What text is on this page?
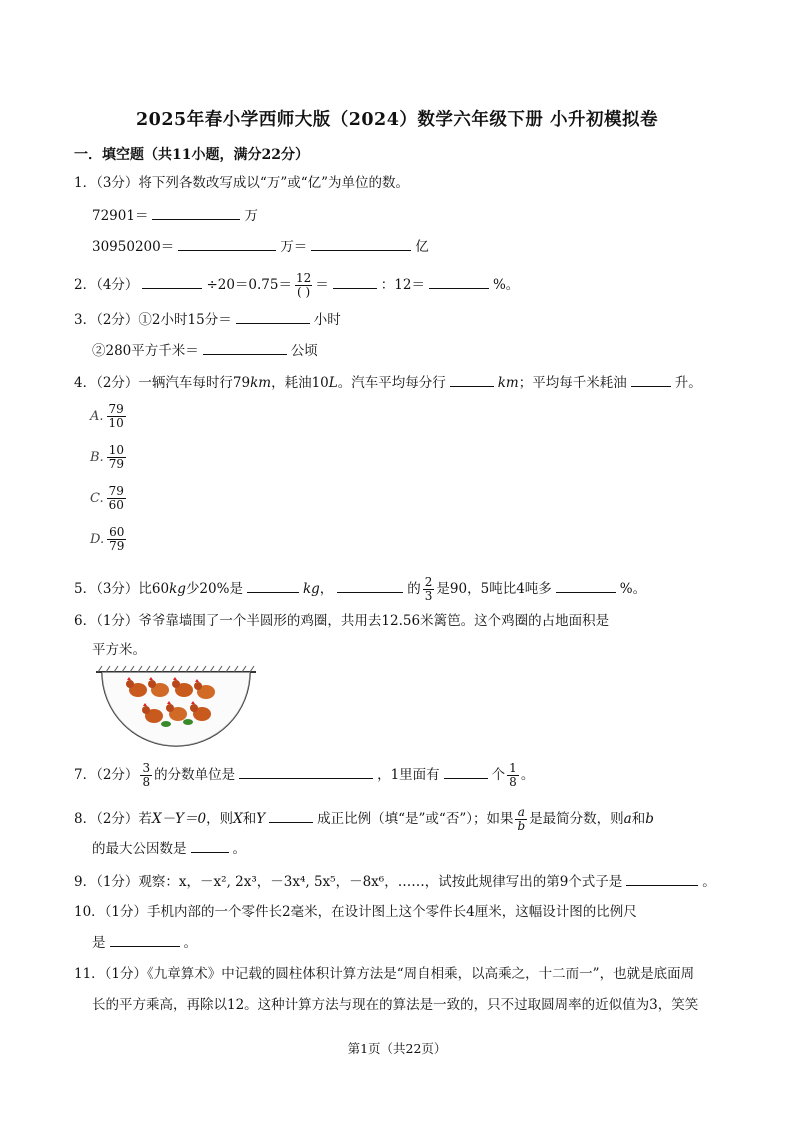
2025年春小学西师大版（2024）数学六年级下册 小升初模拟卷
一．填空题（共11小题，满分22分）
1．（3分）将下列各数改写成以“万”或“亿”为单位的数。
72901＝	万
30950200＝	万＝	亿
2．（4分）	$\div 20=0.75= \frac{12}{( )}$ ＝	：12＝	%。
3．（2分）①2小时15分＝	小时
②280平方千米＝	公顷
4．（2分）一辆汽车每时行79km，耗油10L。汽车平均每分行	km；平均每千米耗油	升。
A. $\frac{79}{10}$
B. $\frac{10}{79}$
C. $\frac{79}{60}$
D. $\frac{60}{79}$
5．（3分）比60kg少20%是	kg，	的 $\frac{2}{3}$ 是90，5吨比4吨多	%。
6．（1分）爷爷靠墙围了一个半圆形的鸡圈，共用去12.56米篱笆。这个鸡圈的占地面积是
平方米。
7．（2分） $\frac{3}{8}$ 的分数单位是	，1里面有	个 $\frac{1}{8}$ 。
8．（2分）若X－Y＝0，则X和Y	成正比例（填“是”或“否”）；如果 $\frac{a}{b}$ 是最简分数，则a和b
的最大公因数是	。
9．（1分）观察：x，－x², 2x³，－3x⁴, 5x⁵，－8x⁶，……，试按此规律写出的第9个式子是	。
10．（1分）手机内部的一个零件长2毫米，在设计图上这个零件长4厘米，这幅设计图的比例尺
是	。
11．（1分）《九章算术》中记载的圆柱体积计算方法是“周自相乘，以高乘之，十二而一”，也就是底面周
长的平方乘高，再除以12。这种计算方法与现在的算法是一致的，只不过取圆周率的近似值为3，笑笑
第1页（共22页）
